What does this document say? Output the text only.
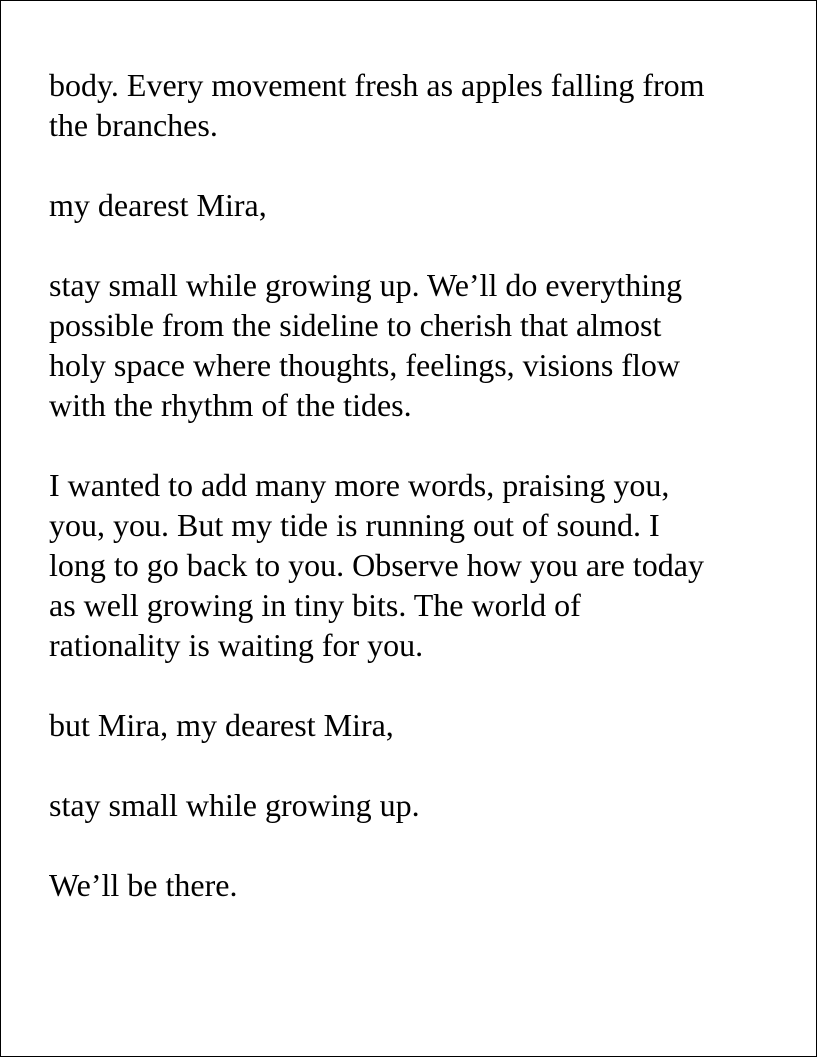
body. Every movement fresh as apples falling from
the branches.

my dearest Mira,

stay small while growing up. We’ll do everything
possible from the sideline to cherish that almost
holy space where thoughts, feelings, visions flow
with the rhythm of the tides.

I wanted to add many more words, praising you,
you, you. But my tide is running out of sound. I
long to go back to you. Observe how you are today
as well growing in tiny bits. The world of
rationality is waiting for you.

but Mira, my dearest Mira,

stay small while growing up.

We’ll be there.
